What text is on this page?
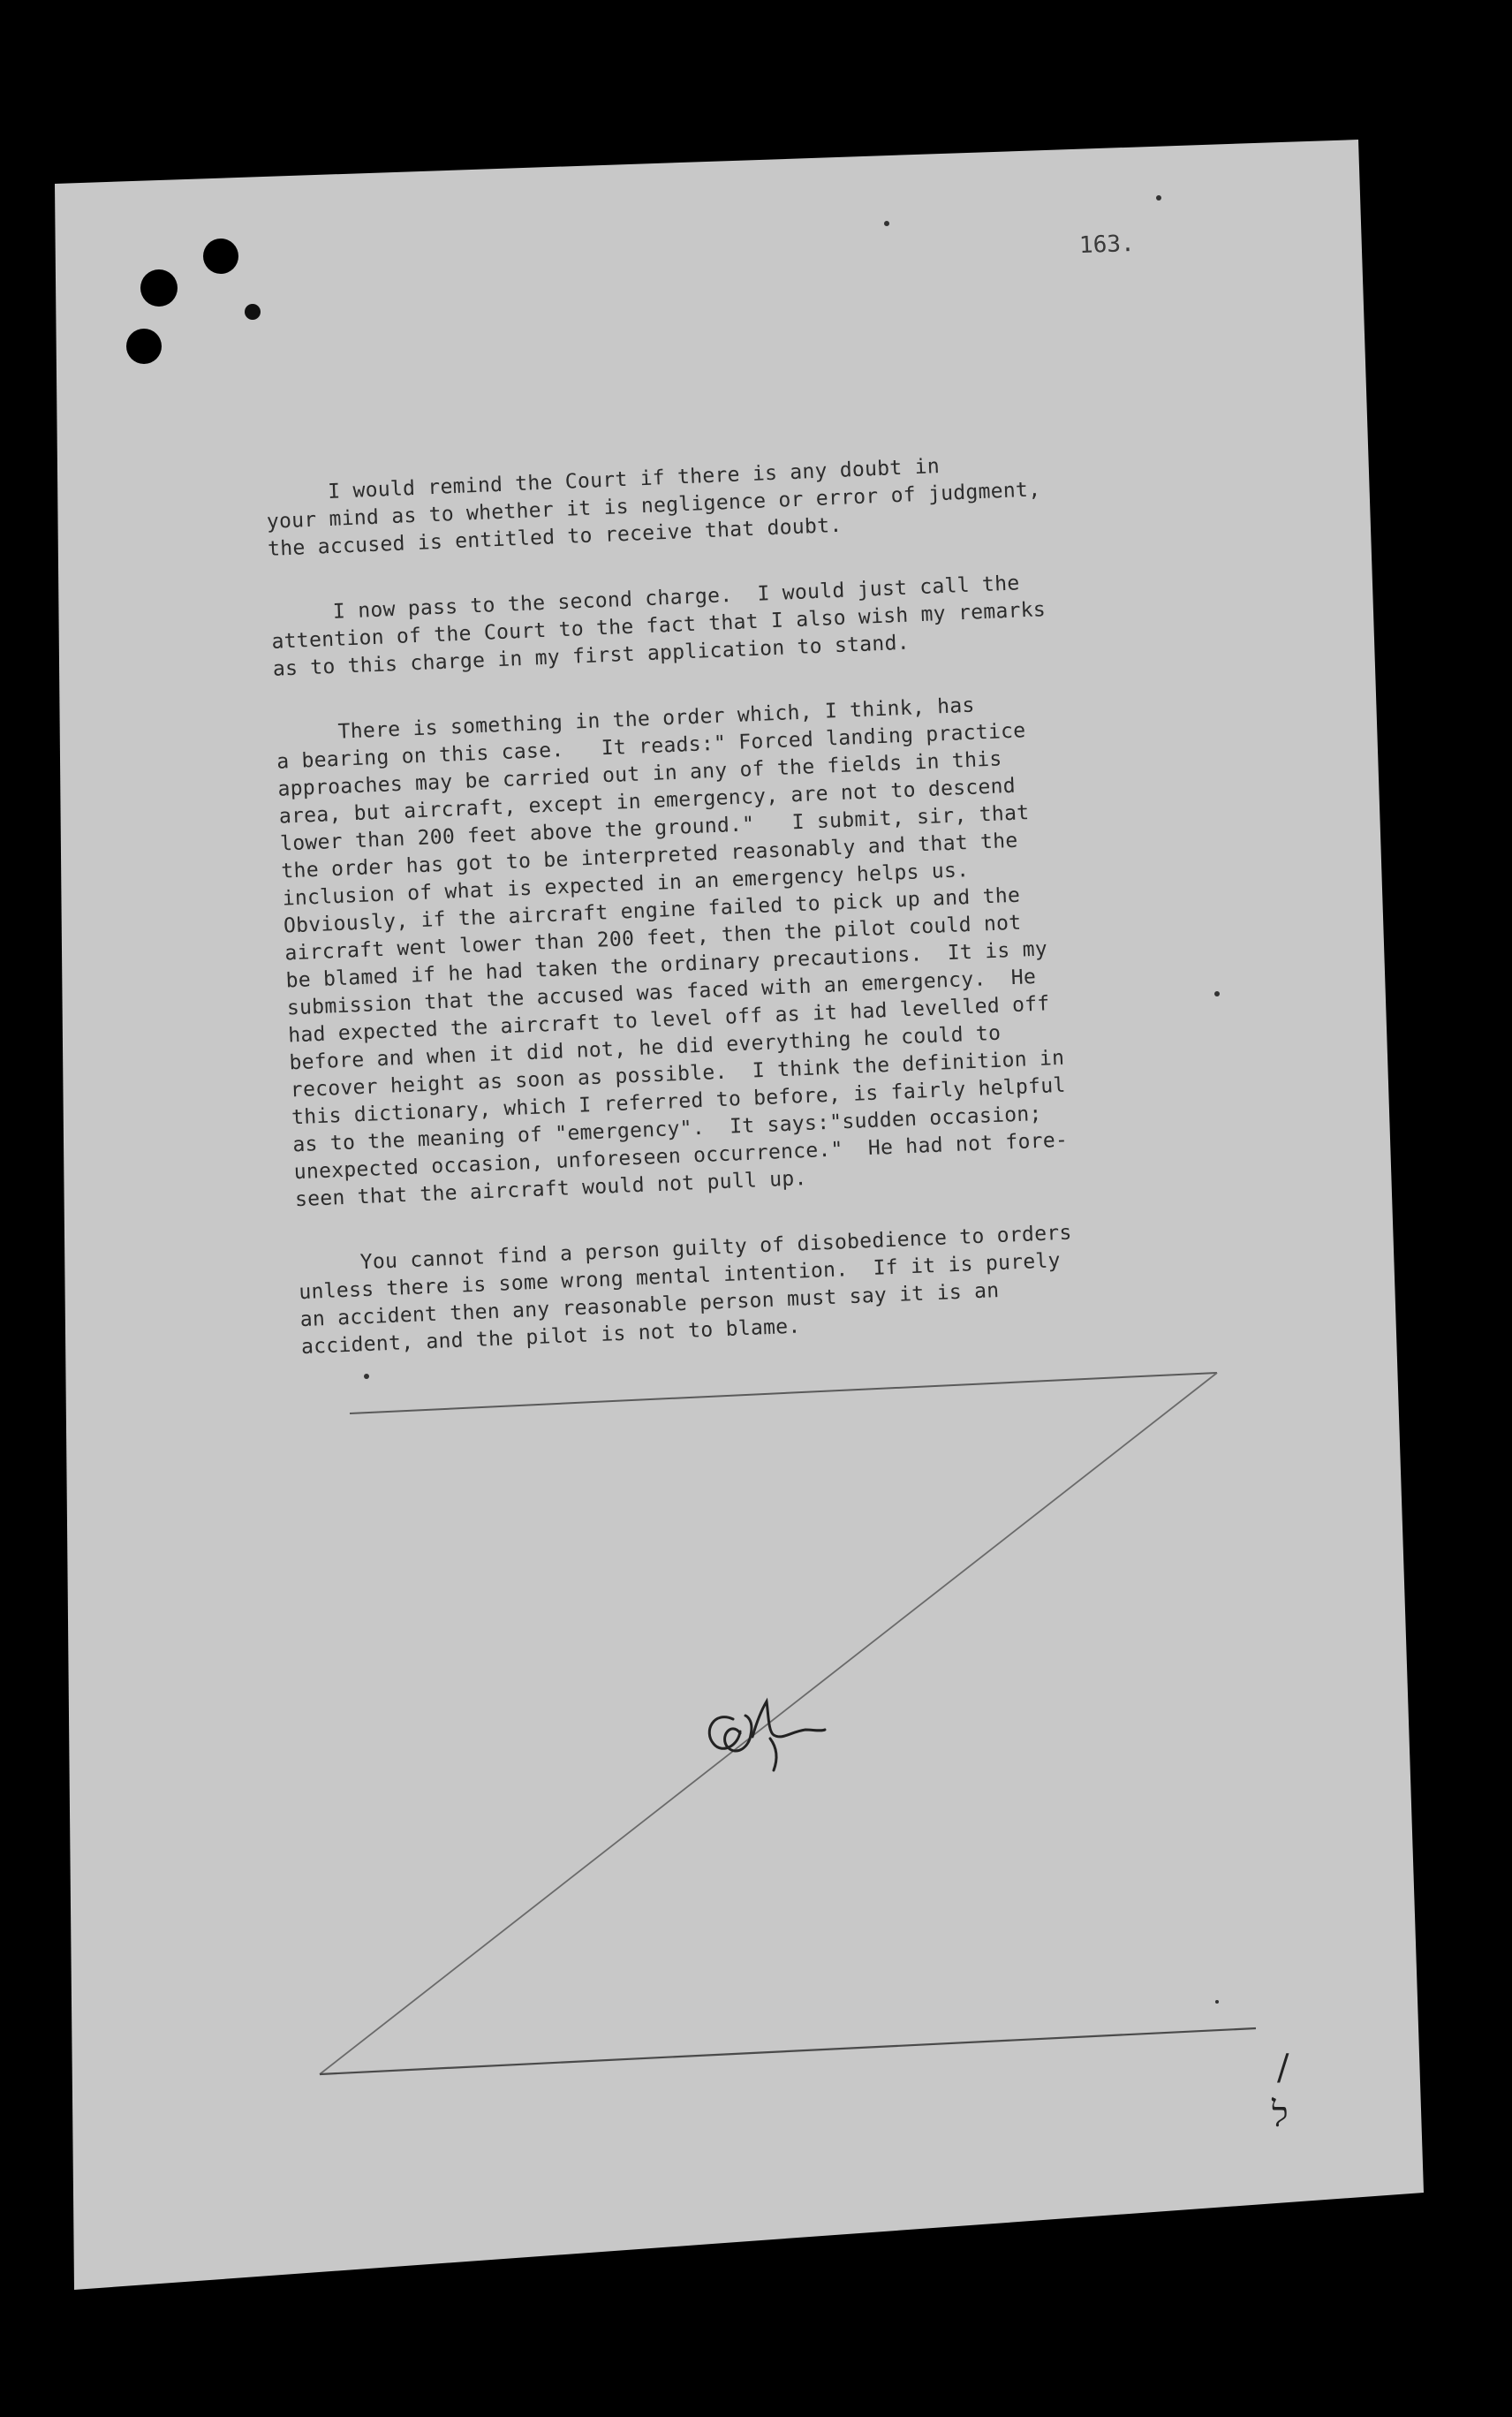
163.
I would remind the Court if there is any doubt in
your mind as to whether it is negligence or error of judgment,
the accused is entitled to receive that doubt.
I now pass to the second charge.  I would just call the
attention of the Court to the fact that I also wish my remarks
as to this charge in my first application to stand.
There is something in the order which, I think, has
a bearing on this case.   It reads:" Forced landing practice
approaches may be carried out in any of the fields in this
area, but aircraft, except in emergency, are not to descend
lower than 200 feet above the ground."   I submit, sir, that
the order has got to be interpreted reasonably and that the
inclusion of what is expected in an emergency helps us.
Obviously, if the aircraft engine failed to pick up and the
aircraft went lower than 200 feet, then the pilot could not
be blamed if he had taken the ordinary precautions.  It is my
submission that the accused was faced with an emergency.  He
had expected the aircraft to level off as it had levelled off
before and when it did not, he did everything he could to
recover height as soon as possible.  I think the definition in
this dictionary, which I referred to before, is fairly helpful
as to the meaning of "emergency".  It says:"sudden occasion;
unexpected occasion, unforeseen occurrence."  He had not fore-
seen that the aircraft would not pull up.
You cannot find a person guilty of disobedience to orders
unless there is some wrong mental intention.  If it is purely
an accident then any reasonable person must say it is an
accident, and the pilot is not to blame.
/
ל
